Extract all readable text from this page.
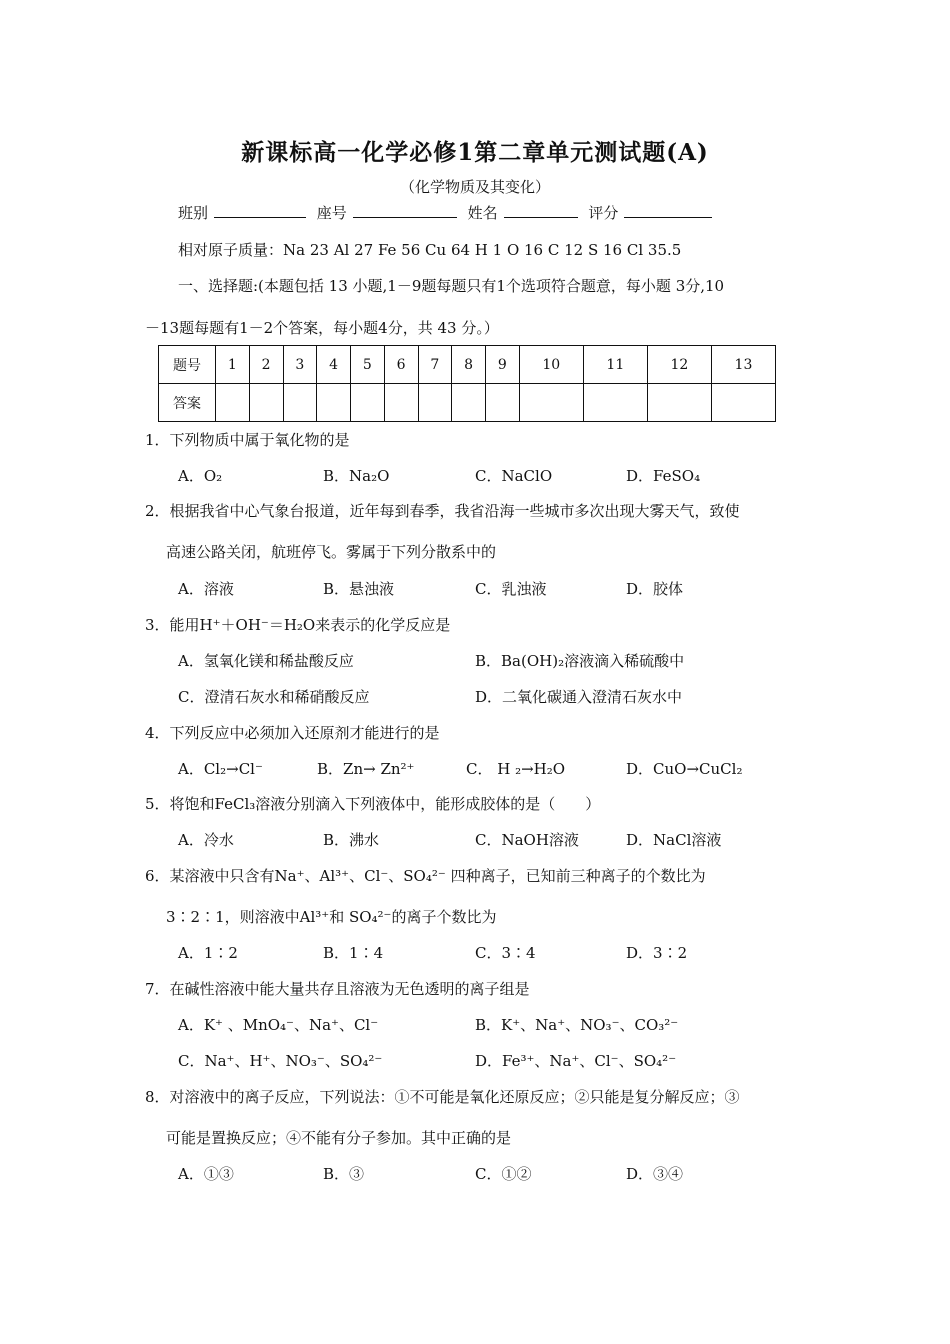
新课标高一化学必修1第二章单元测试题(A)
（化学物质及其变化）
班别	座号	姓名	评分
相对原子质量：Na 23 Al 27 Fe 56 Cu 64 H 1 O 16 C 12 S 16 Cl 35.5
一、选择题:(本题包括 13 小题,1－9题每题只有1个选项符合题意，每小题 3分,10
－13题每题有1－2个答案，每小题4分，共 43 分。）
题号	1	2	3	4	5	6	7	8	9	10	11	12	13
答案													
1．下列物质中属于氧化物的是
A．O₂	B．Na₂O	C．NaClO	D．FeSO₄
2．根据我省中心气象台报道，近年每到春季，我省沿海一些城市多次出现大雾天气，致使
高速公路关闭，航班停飞。雾属于下列分散系中的
A．溶液	B．悬浊液	C．乳浊液	D．胶体
3．能用H⁺＋OH⁻＝H₂O来表示的化学反应是
A．氢氧化镁和稀盐酸反应	B．Ba(OH)₂溶液滴入稀硫酸中
C．澄清石灰水和稀硝酸反应	D．二氧化碳通入澄清石灰水中
4．下列反应中必须加入还原剂才能进行的是
A．Cl₂→Cl⁻	B．Zn→ Zn²⁺	C． H ₂→H₂O	D．CuO→CuCl₂
5．将饱和FeCl₃溶液分别滴入下列液体中，能形成胶体的是（　　）
A．冷水	B．沸水	C．NaOH溶液	D．NaCl溶液
6．某溶液中只含有Na⁺、Al³⁺、Cl⁻、SO₄²⁻ 四种离子，已知前三种离子的个数比为
3∶2∶1，则溶液中Al³⁺和 SO₄²⁻的离子个数比为
A．1∶2	B．1∶4	C．3∶4	D．3∶2
7．在碱性溶液中能大量共存且溶液为无色透明的离子组是
A．K⁺ 、MnO₄⁻、Na⁺、Cl⁻	B．K⁺、Na⁺、NO₃⁻、CO₃²⁻
C．Na⁺、H⁺、NO₃⁻、SO₄²⁻	D．Fe³⁺、Na⁺、Cl⁻、SO₄²⁻
8．对溶液中的离子反应，下列说法：①不可能是氧化还原反应；②只能是复分解反应；③
可能是置换反应；④不能有分子参加。其中正确的是
A．①③	B．③	C．①②	D．③④
